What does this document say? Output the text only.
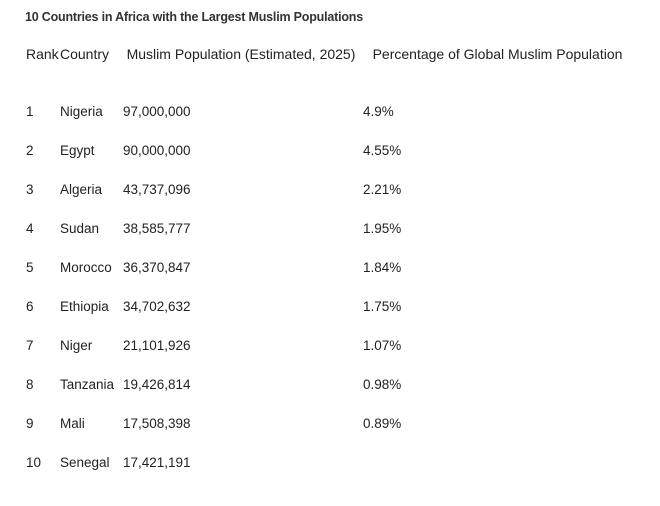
10 Countries in Africa with the Largest Muslim Populations
Rank	Country	Muslim Population (Estimated, 2025)	Percentage of Global Muslim Population
1	Nigeria	97,000,000	4.9%
2	Egypt	90,000,000	4.55%
3	Algeria	43,737,096	2.21%
4	Sudan	38,585,777	1.95%
5	Morocco	36,370,847	1.84%
6	Ethiopia	34,702,632	1.75%
7	Niger	21,101,926	1.07%
8	Tanzania	19,426,814	0.98%
9	Mali	17,508,398	0.89%
10	Senegal	17,421,191	
